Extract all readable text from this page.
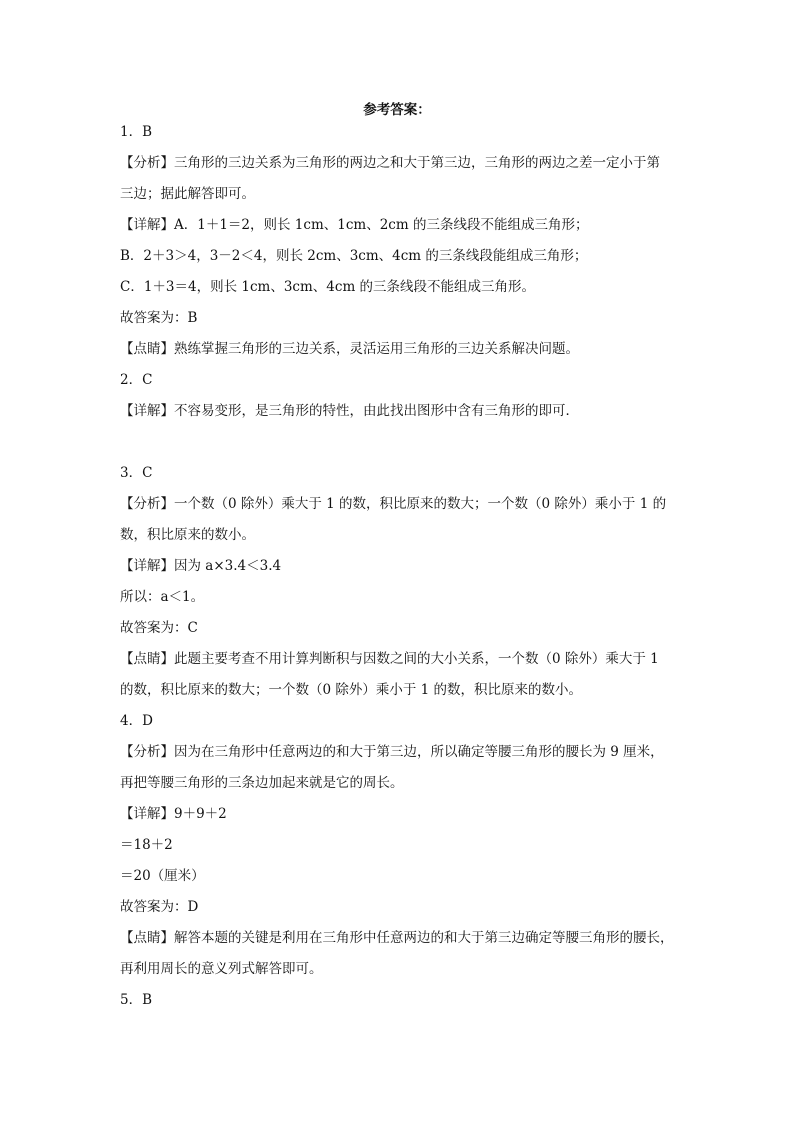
参考答案：
1．B
【分析】三角形的三边关系为三角形的两边之和大于第三边，三角形的两边之差一定小于第
三边；据此解答即可。
【详解】A．1＋1＝2，则长 1cm、1cm、2cm 的三条线段不能组成三角形；
B．2＋3＞4，3－2＜4，则长 2cm、3cm、4cm 的三条线段能组成三角形；
C．1＋3＝4，则长 1cm、3cm、4cm 的三条线段不能组成三角形。
故答案为：B
【点睛】熟练掌握三角形的三边关系，灵活运用三角形的三边关系解决问题。
2．C
【详解】不容易变形，是三角形的特性，由此找出图形中含有三角形的即可．
3．C
【分析】一个数（0 除外）乘大于 1 的数，积比原来的数大；一个数（0 除外）乘小于 1 的
数，积比原来的数小。
【详解】因为 a×3.4＜3.4
所以：a＜1。
故答案为：C
【点睛】此题主要考查不用计算判断积与因数之间的大小关系，一个数（0 除外）乘大于 1
的数，积比原来的数大；一个数（0 除外）乘小于 1 的数，积比原来的数小。
4．D
【分析】因为在三角形中任意两边的和大于第三边，所以确定等腰三角形的腰长为 9 厘米，
再把等腰三角形的三条边加起来就是它的周长。
【详解】9＋9＋2
＝18＋2
＝20（厘米）
故答案为：D
【点睛】解答本题的关键是利用在三角形中任意两边的和大于第三边确定等腰三角形的腰长，
再利用周长的意义列式解答即可。
5．B
